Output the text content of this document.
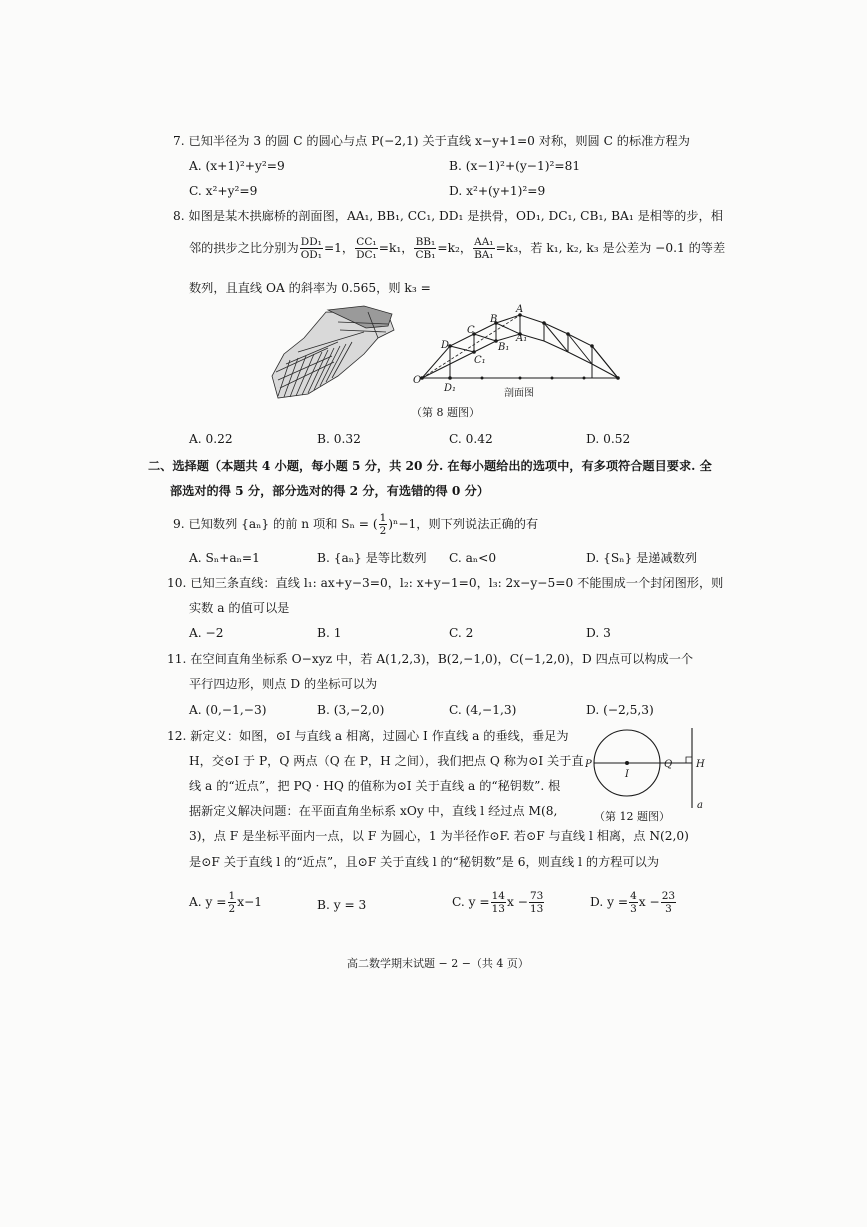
7. 已知半径为 3 的圆 C 的圆心与点 P(−2,1) 关于直线 x−y+1=0 对称，则圆 C 的标准方程为
A. (x+1)²+y²=9	B. (x−1)²+(y−1)²=81
C. x²+y²=9	D. x²+(y+1)²=9
8. 如图是某木拱廊桥的剖面图，AA₁, BB₁, CC₁, DD₁ 是拱骨，OD₁, DC₁, CB₁, BA₁ 是相等的步，相
邻的拱步之比分别为 $\frac{\text{DD₁}}{\text{OD₁}} =1$， $\frac{\text{CC₁}}{\text{DC₁}} =k_1$， $\frac{\text{BB₁}}{\text{CB₁}} =k_2$， $\frac{\text{AA₁}}{\text{BA₁}} =k_3$，若 k₁, k₂, k₃ 是公差为 −0.1 的等差
数列，且直线 OA 的斜率为 0.565，则 k₃ =
O
D₁
D
C
C₁
B
B₁
A
A₁
剖面图
（第 8 题图）
A. 0.22	B. 0.32	C. 0.42	D. 0.52
二、选择题（本题共 4 小题，每小题 5 分，共 20 分. 在每小题给出的选项中，有多项符合题目要求. 全
部选对的得 5 分，部分选对的得 2 分，有选错的得 0 分）
9. 已知数列 {aₙ} 的前 n 项和 Sₙ = ( $\frac{1}{2} )^n-1$，则下列说法正确的有
A. Sₙ+aₙ=1	B. {aₙ} 是等比数列 C. aₙ<0	D. {Sₙ} 是递减数列
10. 已知三条直线：直线 l₁: ax+y−3=0，l₂: x+y−1=0，l₃: 2x−y−5=0 不能围成一个封闭图形，则
实数 a 的值可以是
A. −2	B. 1	C. 2	D. 3
11. 在空间直角坐标系 O−xyz 中，若 A(1,2,3)，B(2,−1,0)，C(−1,2,0)，D 四点可以构成一个
平行四边形，则点 D 的坐标可以为
A. (0,−1,−3)	B. (3,−2,0)	C. (4,−1,3)	D. (−2,5,3)
12. 新定义：如图，⊙I 与直线 a 相离，过圆心 I 作直线 a 的垂线，垂足为
H，交⊙I 于 P，Q 两点（Q 在 P，H 之间），我们把点 Q 称为⊙I 关于直
线 a 的“近点”，把 PQ · HQ 的值称为⊙I 关于直线 a 的“秘钥数”. 根
据新定义解决问题：在平面直角坐标系 xOy 中，直线 l 经过点 M(8,
3)，点 F 是坐标平面内一点，以 F 为圆心，1 为半径作⊙F. 若⊙F 与直线 l 相离，点 N(2,0)
是⊙F 关于直线 l 的“近点”，且⊙F 关于直线 l 的“秘钥数”是 6，则直线 l 的方程可以为
P
I
Q H
a
（第 12 题图）
A. $y = \frac{1}{2} x-1$	B. y = 3	C. $y = \frac{14}{13}$ $x - \frac{73}{13}$	D. $y = \frac{4}{3}$ $x - \frac{23}{3}$
高二数学期末试题 − 2 −（共 4 页）
